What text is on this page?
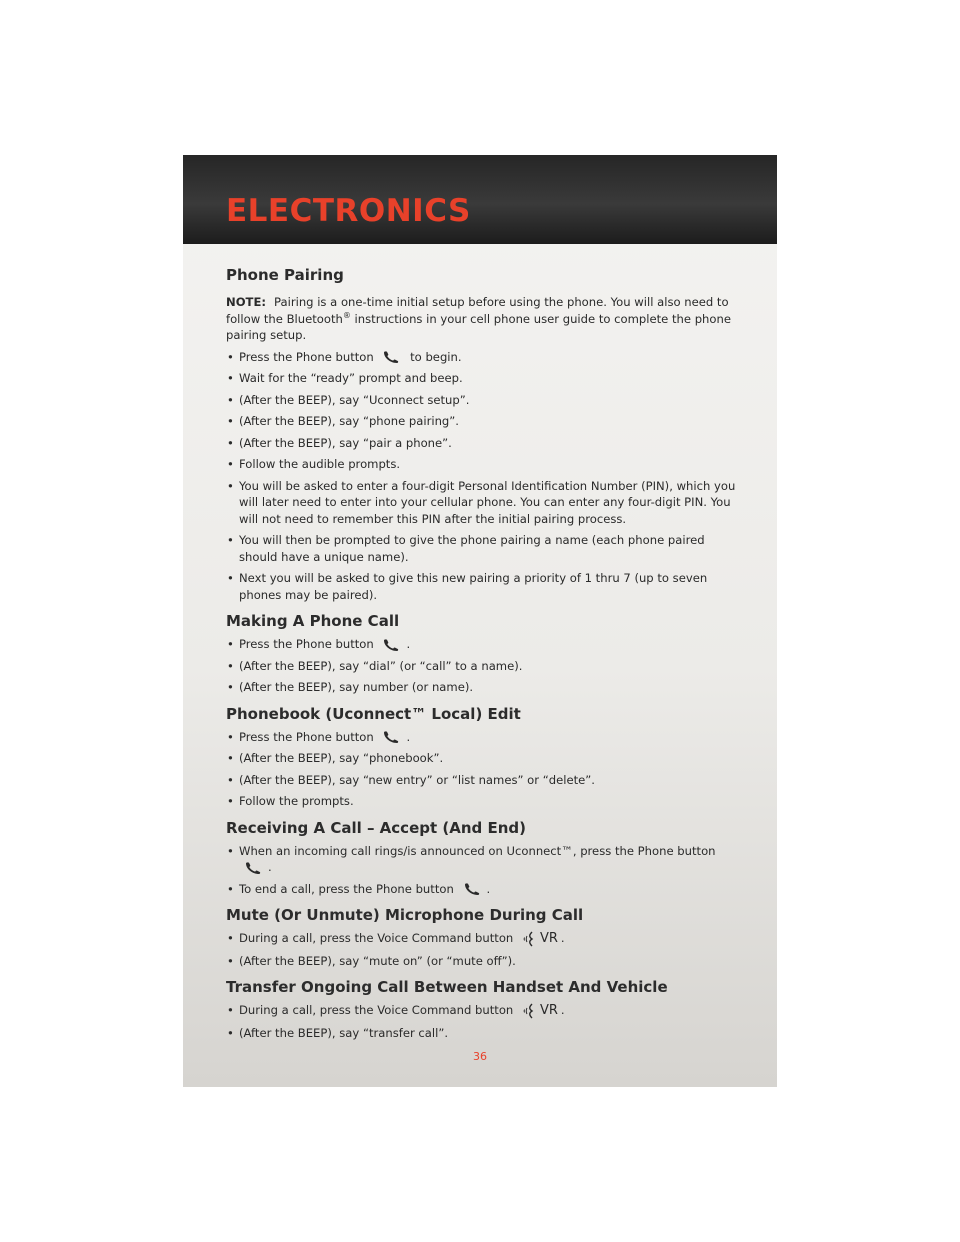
ELECTRONICS
Phone Pairing

NOTE: Pairing is a one-time initial setup before using the phone. You will also need to follow the Bluetooth® instructions in your cell phone user guide to complete the phone pairing setup.

• Press the Phone button	to begin.
• Wait for the “ready” prompt and beep.
• (After the BEEP), say “Uconnect setup”.
• (After the BEEP), say “phone pairing”.
• (After the BEEP), say “pair a phone”.
• Follow the audible prompts.
• You will be asked to enter a four-digit Personal Identification Number (PIN), which you will later need to enter into your cellular phone. You can enter any four-digit PIN. You will not need to remember this PIN after the initial pairing process.
• You will then be prompted to give the phone pairing a name (each phone paired should have a unique name).
• Next you will be asked to give this new pairing a priority of 1 thru 7 (up to seven phones may be paired).
Making A Phone Call
• Press the Phone button	.
• (After the BEEP), say “dial” (or “call” to a name).
• (After the BEEP), say number (or name).
Phonebook (Uconnect™ Local) Edit
• Press the Phone button	.
• (After the BEEP), say “phonebook”.
• (After the BEEP), say “new entry” or “list names” or “delete”.
• Follow the prompts.
Receiving A Call – Accept (And End)
• When an incoming call rings/is announced on Uconnect™, press the Phone button
.
• To end a call, press the Phone button	.
Mute (Or Unmute) Microphone During Call
• During a call, press the Voice Command button VR .
• (After the BEEP), say “mute on” (or “mute off”).
Transfer Ongoing Call Between Handset And Vehicle
• During a call, press the Voice Command button VR .
• (After the BEEP), say “transfer call”.
36
